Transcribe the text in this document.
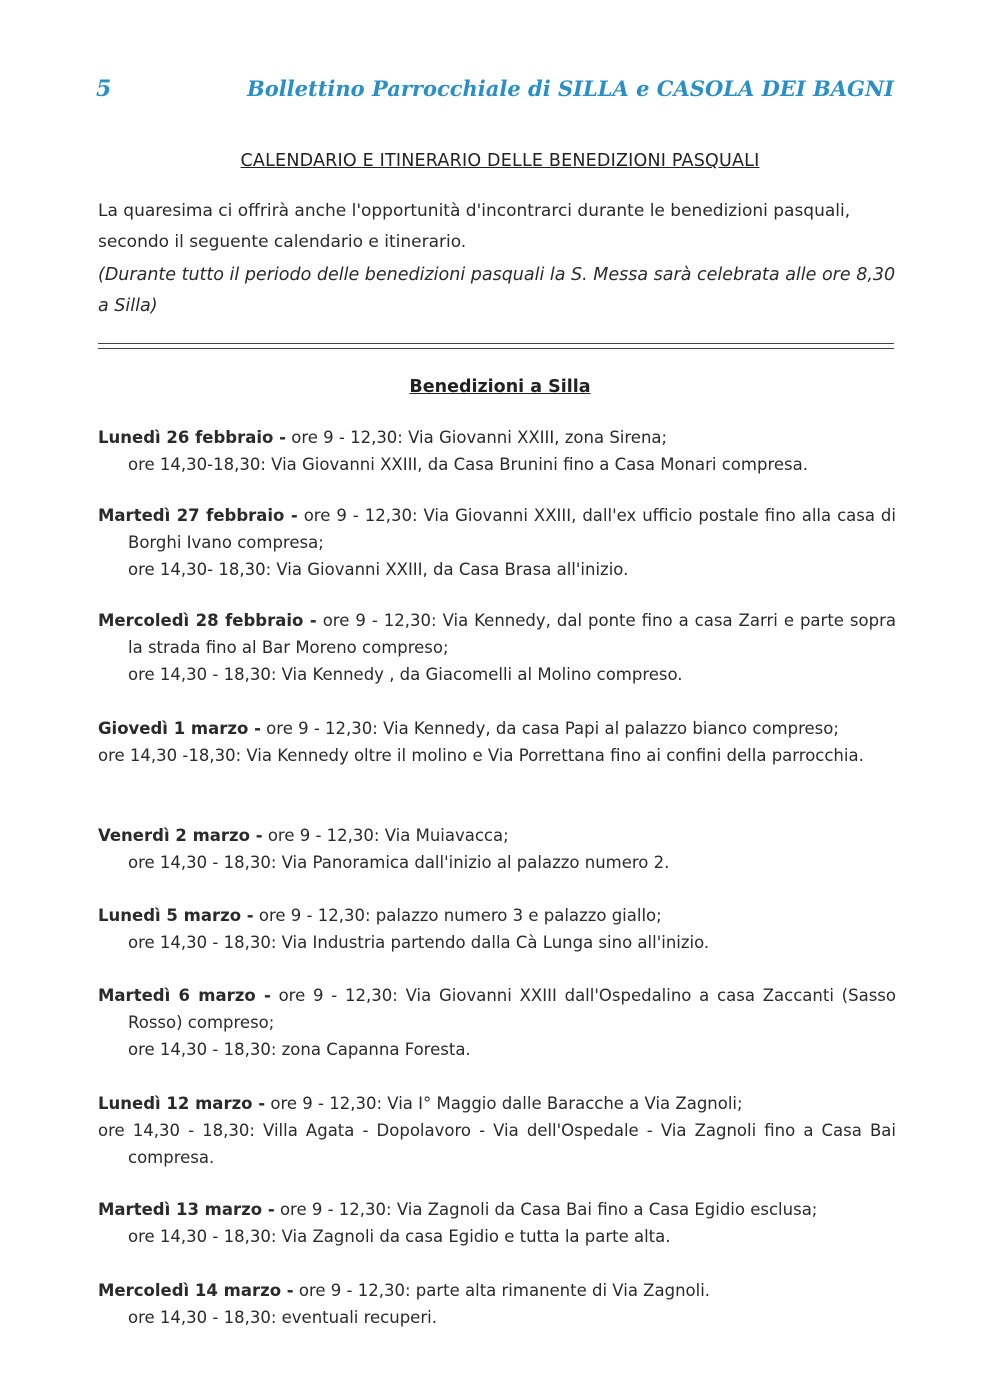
5	Bollettino Parrocchiale di SILLA e CASOLA DEI BAGNI
CALENDARIO E ITINERARIO DELLE BENEDIZIONI PASQUALI
La quaresima ci offrirà anche l'opportunità d'incontrarci durante le benedizioni pasquali, secondo il seguente calendario e itinerario.
(Durante tutto il periodo delle benedizioni pasquali la S. Messa sarà celebrata alle ore 8,30 a Silla)
Benedizioni a Silla
Lunedì 26 febbraio - ore 9 - 12,30: Via Giovanni XXIII, zona Sirena;
ore 14,30-18,30: Via Giovanni XXIII, da Casa Brunini fino a Casa Monari compresa.
Martedì 27 febbraio - ore 9 - 12,30: Via Giovanni XXIII, dall'ex ufficio postale fino alla casa di Borghi Ivano compresa;
ore 14,30- 18,30: Via Giovanni XXIII, da Casa Brasa all'inizio.
Mercoledì 28 febbraio - ore 9 - 12,30: Via Kennedy, dal ponte fino a casa Zarri e parte sopra la strada fino al Bar Moreno compreso;
ore 14,30 - 18,30: Via Kennedy , da Giacomelli al Molino compreso.
Giovedì 1 marzo - ore 9 - 12,30: Via Kennedy, da casa Papi al palazzo bianco compreso;
ore 14,30 -18,30: Via Kennedy oltre il molino e Via Porrettana fino ai confini della parrocchia.
Venerdì 2 marzo - ore 9 - 12,30: Via Muiavacca;
ore 14,30 - 18,30: Via Panoramica dall'inizio al palazzo numero 2.
Lunedì 5 marzo - ore 9 - 12,30: palazzo numero 3 e palazzo giallo;
ore 14,30 - 18,30: Via Industria partendo dalla Cà Lunga sino all'inizio.
Martedì 6 marzo - ore 9 - 12,30: Via Giovanni XXIII dall'Ospedalino a casa Zaccanti (Sasso Rosso) compreso;
ore 14,30 - 18,30: zona Capanna Foresta.
Lunedì 12 marzo - ore 9 - 12,30: Via I° Maggio dalle Baracche a Via Zagnoli;
ore 14,30 - 18,30: Villa Agata - Dopolavoro - Via dell'Ospedale - Via Zagnoli fino a Casa Bai compresa.
Martedì 13 marzo - ore 9 - 12,30: Via Zagnoli da Casa Bai fino a Casa Egidio esclusa;
ore 14,30 - 18,30: Via Zagnoli da casa Egidio e tutta la parte alta.
Mercoledì 14 marzo - ore 9 - 12,30: parte alta rimanente di Via Zagnoli.
ore 14,30 - 18,30: eventuali recuperi.
